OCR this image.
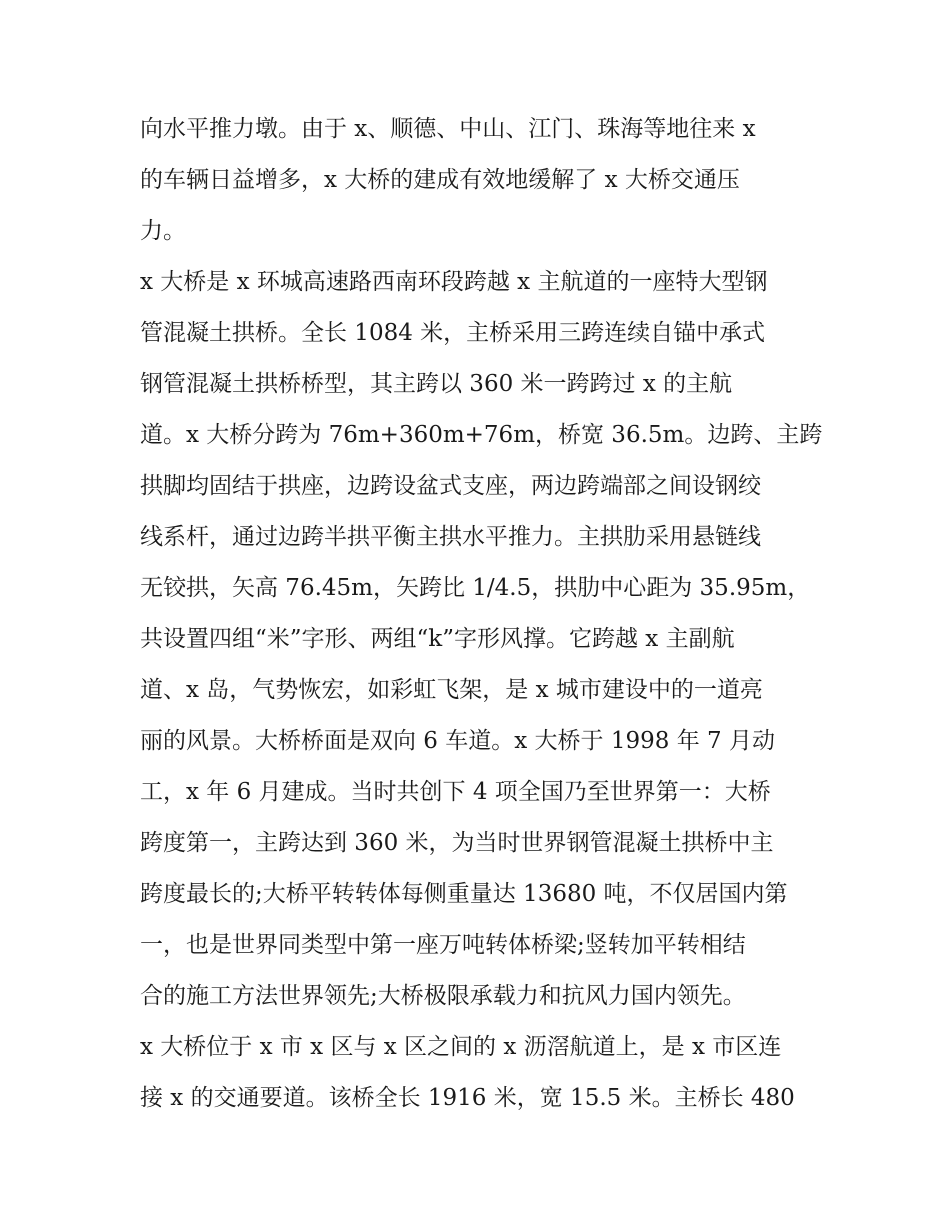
向水平推力墩。由于 x、顺德、中山、江门、珠海等地往来 x
的车辆日益增多，x 大桥的建成有效地缓解了 x 大桥交通压
力。
x 大桥是 x 环城高速路西南环段跨越 x 主航道的一座特大型钢
管混凝土拱桥。全长 1084 米，主桥采用三跨连续自锚中承式
钢管混凝土拱桥桥型，其主跨以 360 米一跨跨过 x 的主航
道。x 大桥分跨为 76m+360m+76m，桥宽 36.5m。边跨、主跨
拱脚均固结于拱座，边跨设盆式支座，两边跨端部之间设钢绞
线系杆，通过边跨半拱平衡主拱水平推力。主拱肋采用悬链线
无铰拱，矢高 76.45m，矢跨比 1/4.5，拱肋中心距为 35.95m，
共设置四组“米”字形、两组“k”字形风撑。它跨越 x 主副航
道、x 岛，气势恢宏，如彩虹飞架，是 x 城市建设中的一道亮
丽的风景。大桥桥面是双向 6 车道。x 大桥于 1998 年 7 月动
工，x 年 6 月建成。当时共创下 4 项全国乃至世界第一：大桥
跨度第一，主跨达到 360 米，为当时世界钢管混凝土拱桥中主
跨度最长的;大桥平转转体每侧重量达 13680 吨，不仅居国内第
一，也是世界同类型中第一座万吨转体桥梁;竖转加平转相结
合的施工方法世界领先;大桥极限承载力和抗风力国内领先。
x 大桥位于 x 市 x 区与 x 区之间的 x 沥滘航道上，是 x 市区连
接 x 的交通要道。该桥全长 1916 米，宽 15.5 米。主桥长 480
